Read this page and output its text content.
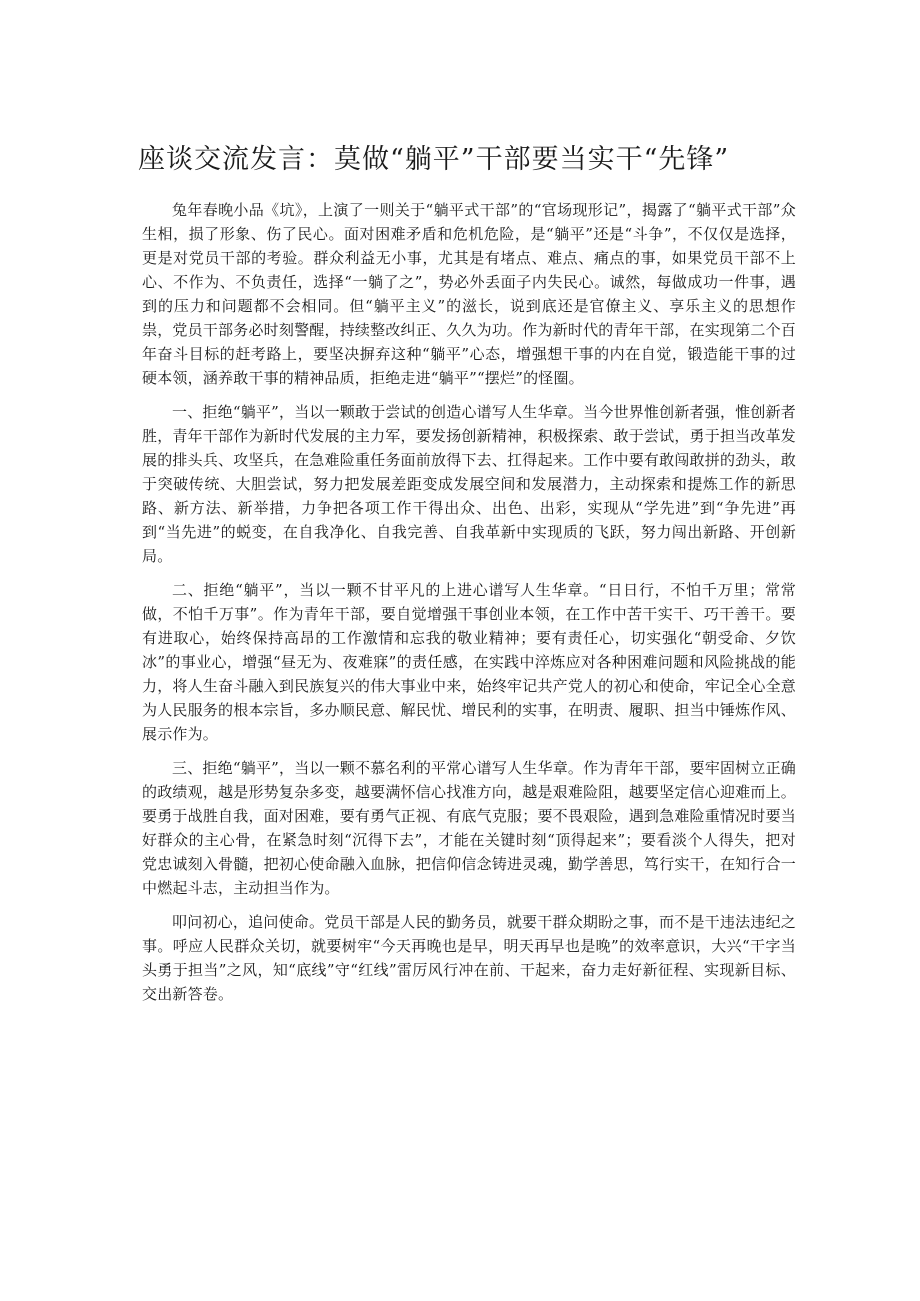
座谈交流发言：莫做“躺平”干部要当实干“先锋”

兔年春晚小品《坑》，上演了一则关于“躺平式干部”的“官场现形记”，揭露了“躺平式干部”众生相，损了形象、伤了民心。面对困难矛盾和危机危险，是“躺平”还是“斗争”，不仅仅是选择，更是对党员干部的考验。群众利益无小事，尤其是有堵点、难点、痛点的事，如果党员干部不上心、不作为、不负责任，选择“一躺了之”，势必外丢面子内失民心。诚然，每做成功一件事，遇到的压力和问题都不会相同。但“躺平主义”的滋长，说到底还是官僚主义、享乐主义的思想作祟，党员干部务必时刻警醒，持续整改纠正、久久为功。作为新时代的青年干部，在实现第二个百年奋斗目标的赶考路上，要坚决摒弃这种“躺平”心态，增强想干事的内在自觉，锻造能干事的过硬本领，涵养敢干事的精神品质，拒绝走进“躺平”“摆烂”的怪圈。

一、拒绝“躺平”，当以一颗敢于尝试的创造心谱写人生华章。当今世界惟创新者强，惟创新者胜，青年干部作为新时代发展的主力军，要发扬创新精神，积极探索、敢于尝试，勇于担当改革发展的排头兵、攻坚兵，在急难险重任务面前放得下去、扛得起来。工作中要有敢闯敢拼的劲头，敢于突破传统、大胆尝试，努力把发展差距变成发展空间和发展潜力，主动探索和提炼工作的新思路、新方法、新举措，力争把各项工作干得出众、出色、出彩，实现从“学先进”到“争先进”再到“当先进”的蜕变，在自我净化、自我完善、自我革新中实现质的飞跃，努力闯出新路、开创新局。

二、拒绝“躺平”，当以一颗不甘平凡的上进心谱写人生华章。“日日行，不怕千万里；常常做，不怕千万事”。作为青年干部，要自觉增强干事创业本领，在工作中苦干实干、巧干善干。要有进取心，始终保持高昂的工作激情和忘我的敬业精神；要有责任心，切实强化“朝受命、夕饮冰”的事业心，增强“昼无为、夜难寐”的责任感，在实践中淬炼应对各种困难问题和风险挑战的能力，将人生奋斗融入到民族复兴的伟大事业中来，始终牢记共产党人的初心和使命，牢记全心全意为人民服务的根本宗旨，多办顺民意、解民忧、增民利的实事，在明责、履职、担当中锤炼作风、展示作为。

三、拒绝“躺平”，当以一颗不慕名利的平常心谱写人生华章。作为青年干部，要牢固树立正确的政绩观，越是形势复杂多变，越要满怀信心找准方向，越是艰难险阻，越要坚定信心迎难而上。要勇于战胜自我，面对困难，要有勇气正视、有底气克服；要不畏艰险，遇到急难险重情况时要当好群众的主心骨，在紧急时刻“沉得下去”，才能在关键时刻“顶得起来”；要看淡个人得失，把对党忠诚刻入骨髓，把初心使命融入血脉，把信仰信念铸进灵魂，勤学善思，笃行实干，在知行合一中燃起斗志，主动担当作为。

叩问初心，追问使命。党员干部是人民的勤务员，就要干群众期盼之事，而不是干违法违纪之事。呼应人民群众关切，就要树牢“今天再晚也是早，明天再早也是晚”的效率意识，大兴“干字当头勇于担当”之风，知“底线”守“红线”雷厉风行冲在前、干起来，奋力走好新征程、实现新目标、交出新答卷。
